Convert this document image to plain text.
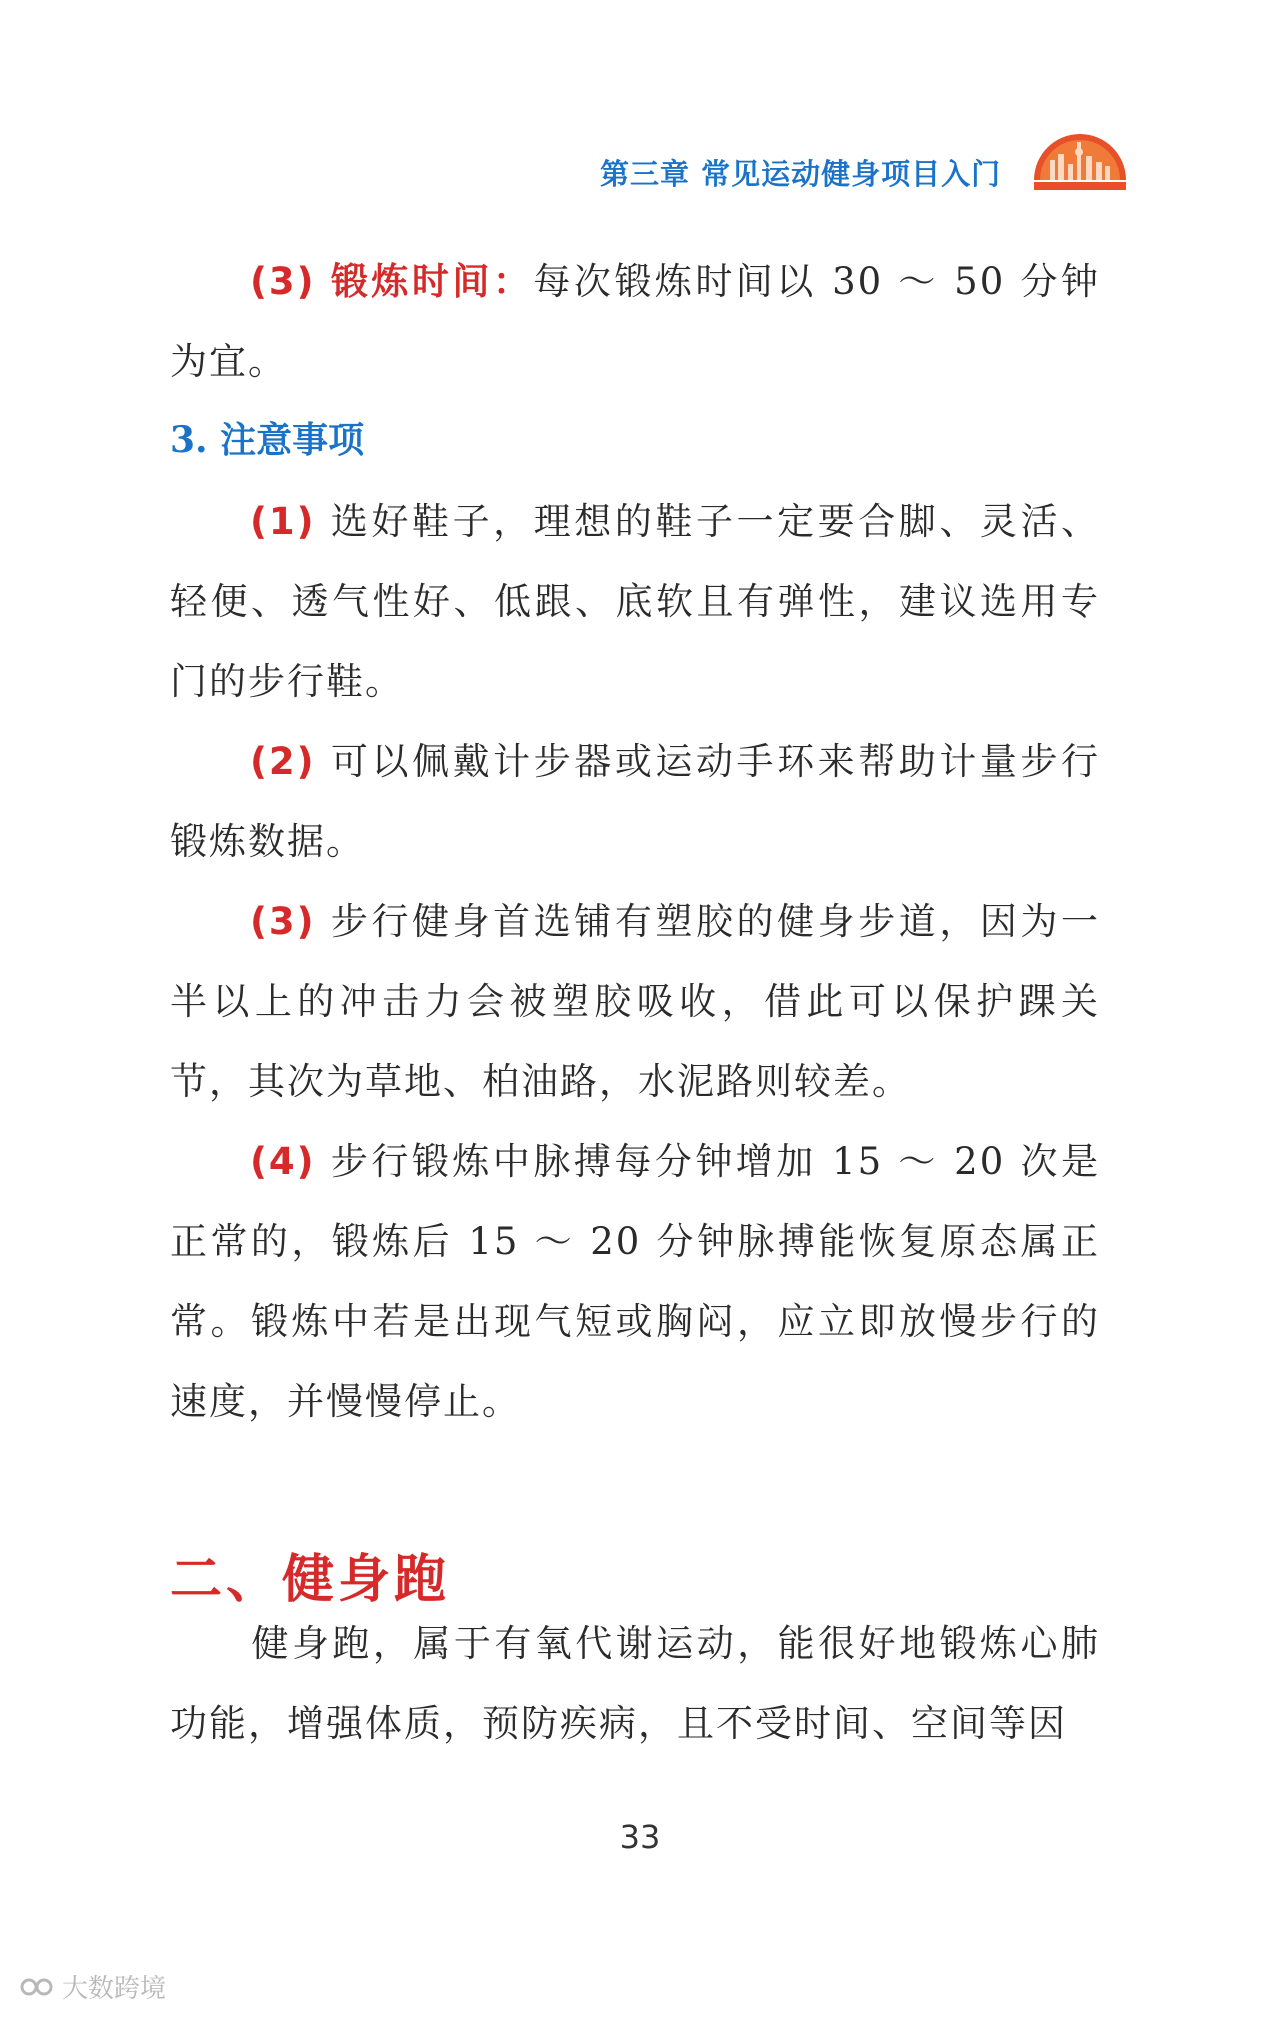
第三章 常见运动健身项目入门
(3) 锻炼时间：每次锻炼时间以 30 ～ 50 分钟为宜。
3. 注意事项
(1) 选好鞋子，理想的鞋子一定要合脚、灵活、轻便、透气性好、低跟、底软且有弹性，建议选用专门的步行鞋。
(2) 可以佩戴计步器或运动手环来帮助计量步行锻炼数据。
(3) 步行健身首选铺有塑胶的健身步道，因为一半以上的冲击力会被塑胶吸收，借此可以保护踝关节，其次为草地、柏油路，水泥路则较差。
(4) 步行锻炼中脉搏每分钟增加 15 ～ 20 次是正常的，锻炼后 15 ～ 20 分钟脉搏能恢复原态属正常。锻炼中若是出现气短或胸闷，应立即放慢步行的速度，并慢慢停止。
二、健身跑
健身跑，属于有氧代谢运动，能很好地锻炼心肺功能，增强体质，预防疾病，且不受时间、空间等因
33
大数跨境
